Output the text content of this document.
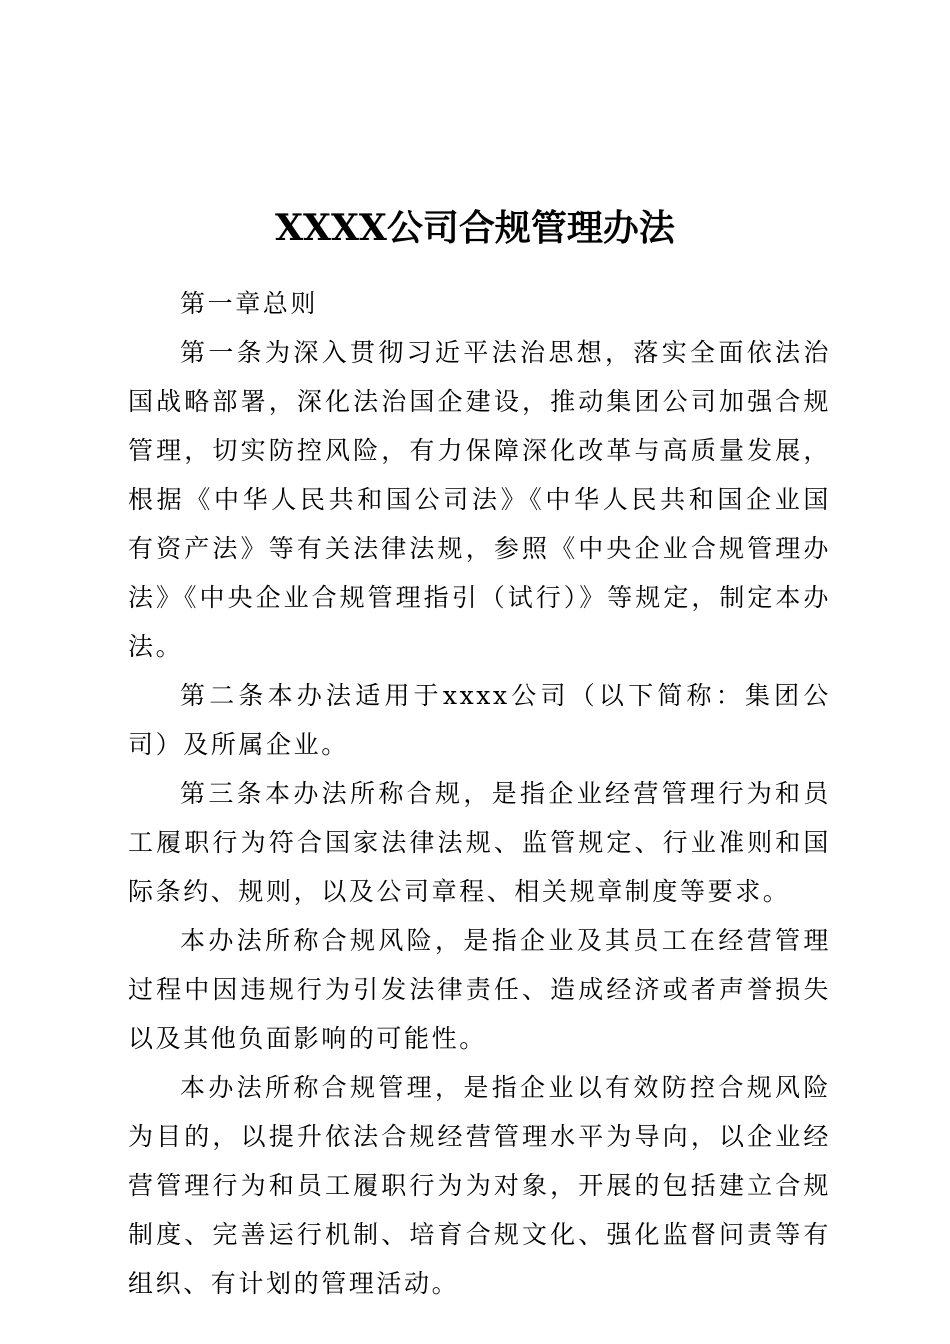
XXXX公司合规管理办法

第一章总则

第一条为深入贯彻习近平法治思想，落实全面依法治国战略部署，深化法治国企建设，推动集团公司加强合规管理，切实防控风险，有力保障深化改革与高质量发展，根据《中华人民共和国公司法》《中华人民共和国企业国有资产法》等有关法律法规，参照《中央企业合规管理办法》《中央企业合规管理指引（试行）》等规定，制定本办法。

第二条本办法适用于xxxx公司（以下简称：集团公司）及所属企业。

第三条本办法所称合规，是指企业经营管理行为和员工履职行为符合国家法律法规、监管规定、行业准则和国际条约、规则，以及公司章程、相关规章制度等要求。

本办法所称合规风险，是指企业及其员工在经营管理过程中因违规行为引发法律责任、造成经济或者声誉损失以及其他负面影响的可能性。

本办法所称合规管理，是指企业以有效防控合规风险为目的，以提升依法合规经营管理水平为导向，以企业经营管理行为和员工履职行为为对象，开展的包括建立合规制度、完善运行机制、培育合规文化、强化监督问责等有组织、有计划的管理活动。
